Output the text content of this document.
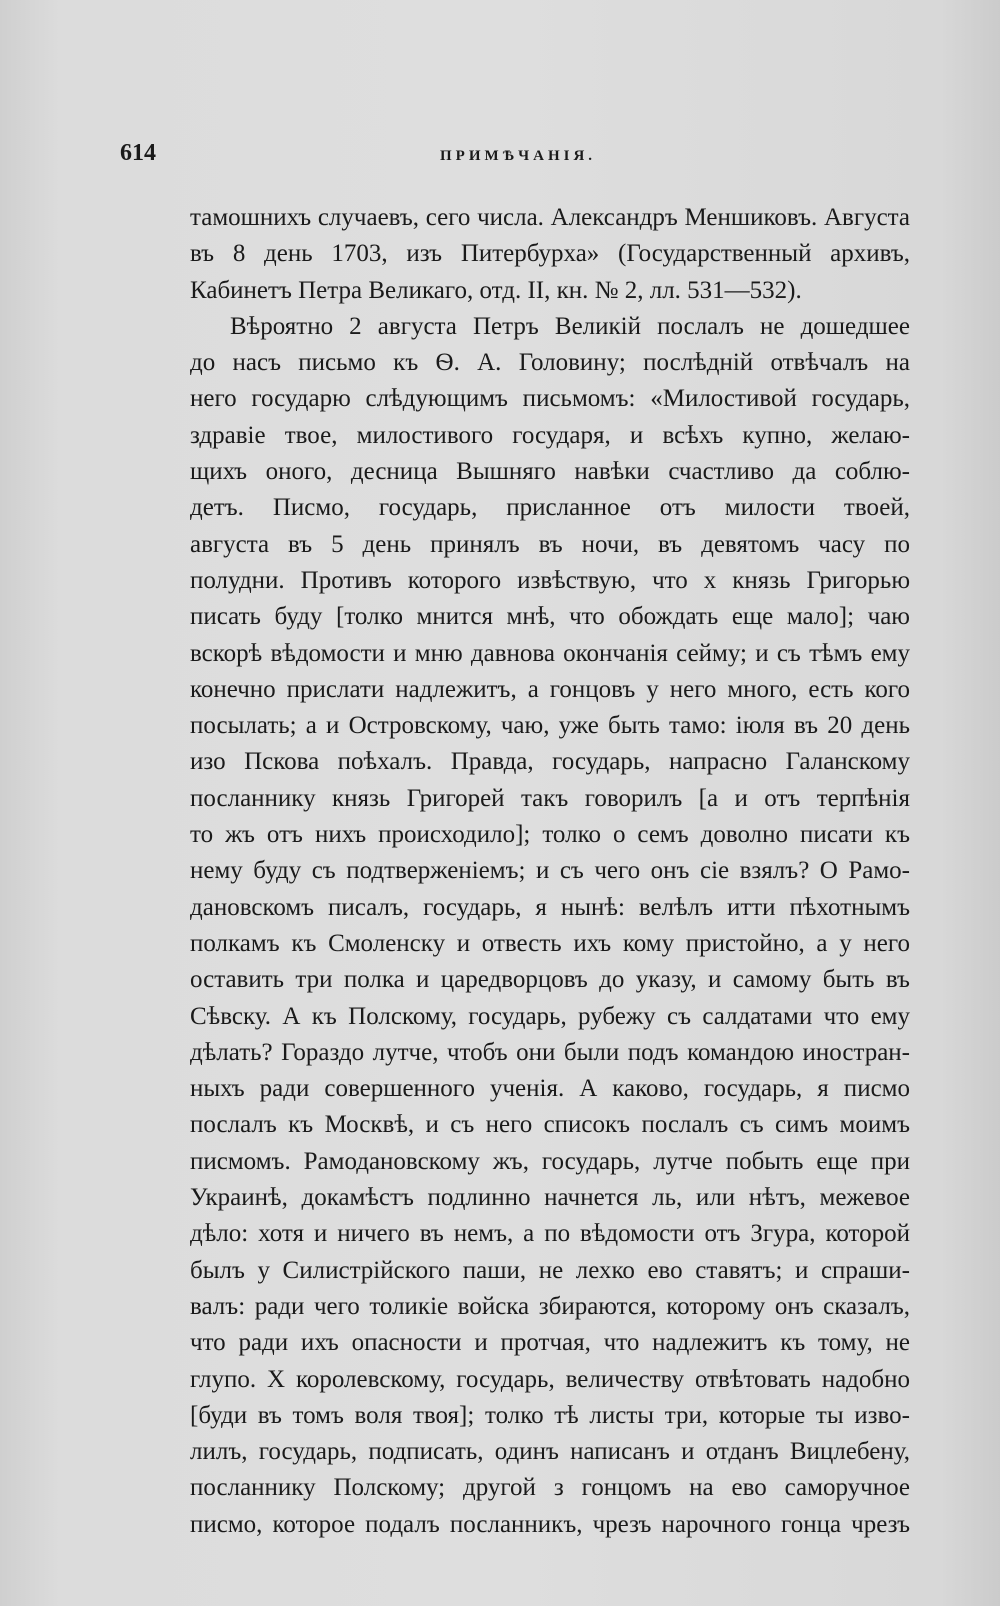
614	ПРИМѢЧАНІЯ.
тамошнихъ случаевъ, сего числа. Александръ Меншиковъ. Августа
въ 8 день 1703, изъ Питербурха» (Государственный архивъ,
Кабинетъ Петра Великаго, отд. II, кн. № 2, лл. 531—532).
Вѣроятно 2 августа Петръ Великій послалъ не дошедшее
до насъ письмо къ Ѳ. А. Головину; послѣдній отвѣчалъ на
него государю слѣдующимъ письмомъ: «Милостивой государь,
здравіе твое, милостивого государя, и всѣхъ купно, желаю-
щихъ оного, десница Вышняго навѣки счастливо да соблю-
детъ. Писмо, государь, присланное отъ милости твоей,
августа въ 5 день принялъ въ ночи, въ девятомъ часу по
полудни. Противъ которого извѣствую, что х князь Григорью
писать буду [толко мнится мнѣ, что обождать еще мало]; чаю
вскорѣ вѣдомости и мню давнова окончанія сейму; и съ тѣмъ ему
конечно прислати надлежитъ, а гонцовъ у него много, есть кого
посылать; а и Островскому, чаю, уже быть тамо: іюля въ 20 день
изо Пскова поѣхалъ. Правда, государь, напрасно Галанскому
посланнику князь Григорей такъ говорилъ [а и отъ терпѣнія
то жъ отъ нихъ происходило]; толко о семъ доволно писати къ
нему буду съ подтверженіемъ; и съ чего онъ сіе взялъ? О Рамо-
дановскомъ писалъ, государь, я нынѣ: велѣлъ итти пѣхотнымъ
полкамъ къ Смоленску и отвесть ихъ кому пристойно, а у него
оставить три полка и царедворцовъ до указу, и самому быть въ
Сѣвску. А къ Полскому, государь, рубежу съ салдатами что ему
дѣлать? Гораздо лутче, чтобъ они были подъ командою иностран-
ныхъ ради совершенного ученія. А каково, государь, я писмо
послалъ къ Москвѣ, и съ него списокъ послалъ съ симъ моимъ
писмомъ. Рамодановскому жъ, государь, лутче побыть еще при
Украинѣ, докамѣстъ подлинно начнется ль, или нѣтъ, межевое
дѣло: хотя и ничего въ немъ, а по вѣдомости отъ Згура, которой
былъ у Силистрійского паши, не лехко ево ставятъ; и спраши-
валъ: ради чего толикіе войска збираются, которому онъ сказалъ,
что ради ихъ опасности и протчая, что надлежитъ къ тому, не
глупо. Х королевскому, государь, величеству отвѣтовать надобно
[буди въ томъ воля твоя]; толко тѣ листы три, которые ты изво-
лилъ, государь, подписать, одинъ написанъ и отданъ Вицлебену,
посланнику Полскому; другой з гонцомъ на ево саморучное
писмо, которое подалъ посланникъ, чрезъ нарочного гонца чрезъ
